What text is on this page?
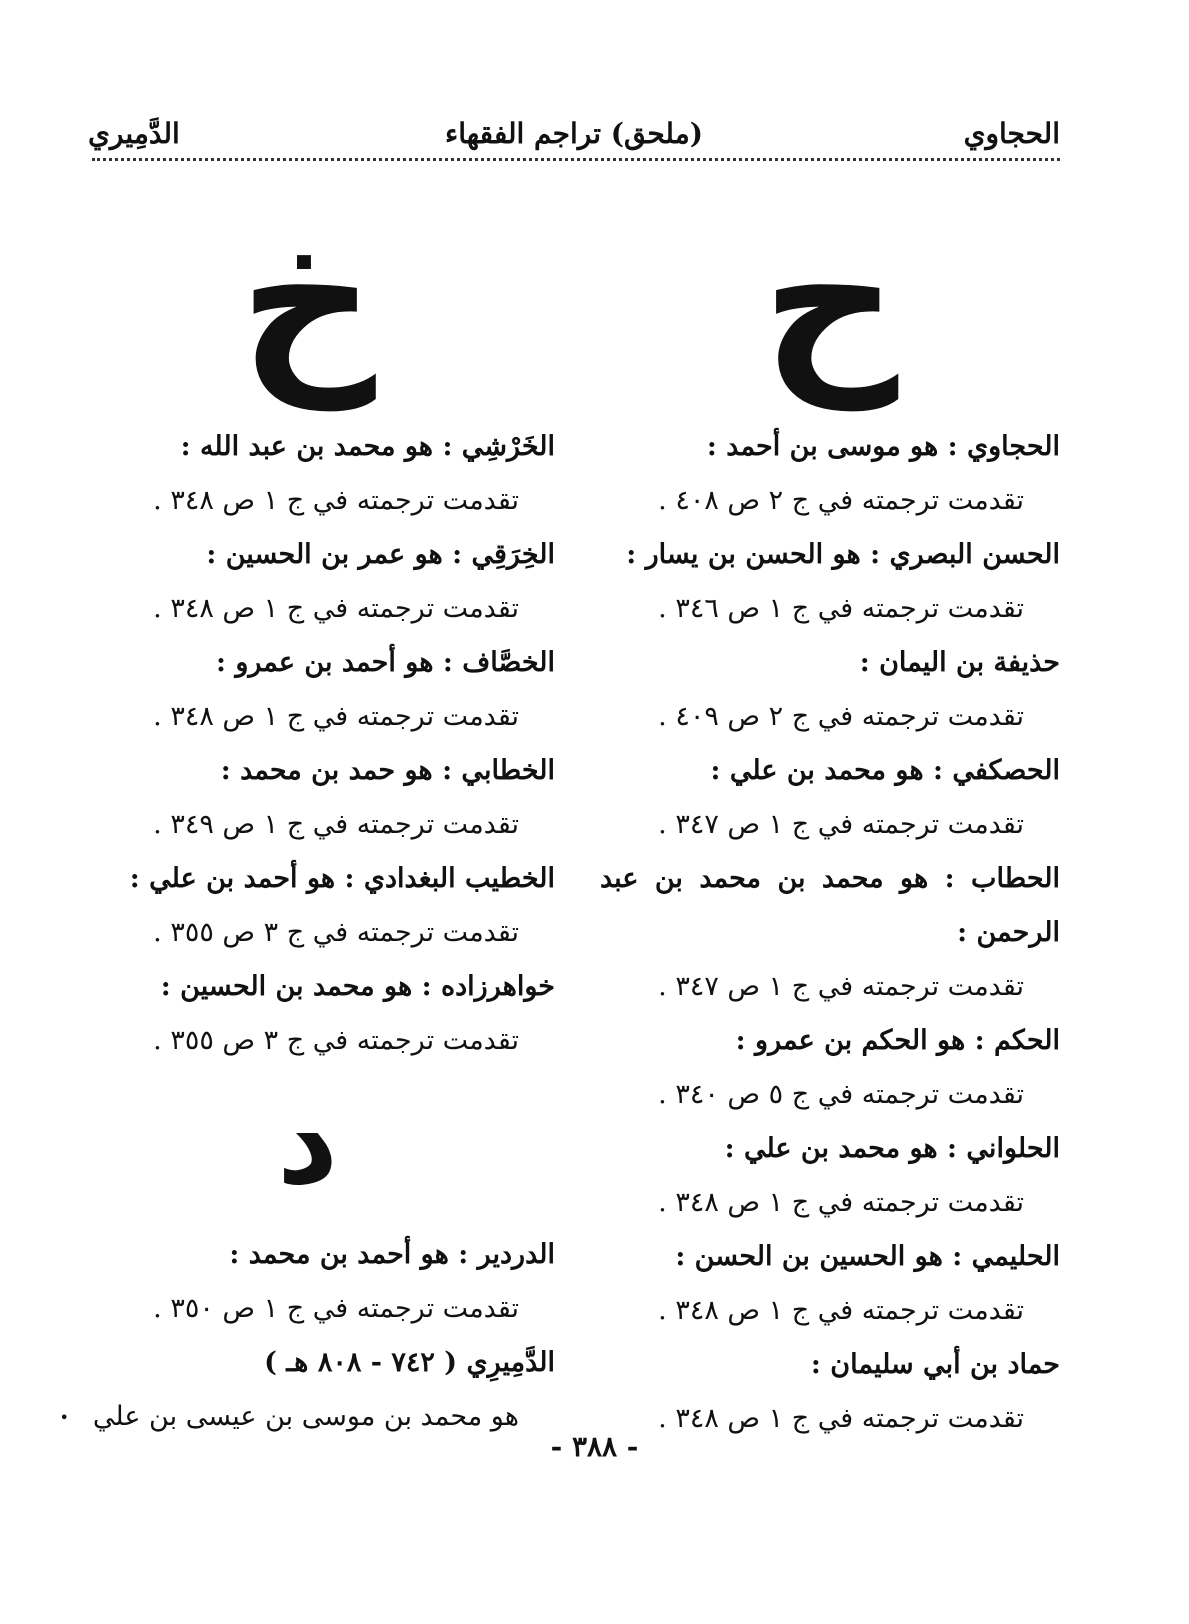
الحجاوي
(ملحق) تراجم الفقهاء
الدَّمِيري
ح
الحجاوي : هو موسى بن أحمد :
تقدمت ترجمته في ج ٢ ص ٤٠٨ .
الحسن البصري : هو الحسن بن يسار :
تقدمت ترجمته في ج ١ ص ٣٤٦ .
حذيفة بن اليمان :
تقدمت ترجمته في ج ٢ ص ٤٠٩ .
الحصكفي : هو محمد بن علي :
تقدمت ترجمته في ج ١ ص ٣٤٧ .
الحطاب : هو محمد بن محمد بن عبد الرحمن :
تقدمت ترجمته في ج ١ ص ٣٤٧ .
الحكم : هو الحكم بن عمرو :
تقدمت ترجمته في ج ٥ ص ٣٤٠ .
الحلواني : هو محمد بن علي :
تقدمت ترجمته في ج ١ ص ٣٤٨ .
الحليمي : هو الحسين بن الحسن :
تقدمت ترجمته في ج ١ ص ٣٤٨ .
حماد بن أبي سليمان :
تقدمت ترجمته في ج ١ ص ٣٤٨ .
خ
الخَرْشِي : هو محمد بن عبد الله :
تقدمت ترجمته في ج ١ ص ٣٤٨ .
الخِرَقِي : هو عمر بن الحسين :
تقدمت ترجمته في ج ١ ص ٣٤٨ .
الخصَّاف : هو أحمد بن عمرو :
تقدمت ترجمته في ج ١ ص ٣٤٨ .
الخطابي : هو حمد بن محمد :
تقدمت ترجمته في ج ١ ص ٣٤٩ .
الخطيب البغدادي : هو أحمد بن علي :
تقدمت ترجمته في ج ٣ ص ٣٥٥ .
خواهرزاده : هو محمد بن الحسين :
تقدمت ترجمته في ج ٣ ص ٣٥٥ .
د
الدردير : هو أحمد بن محمد :
تقدمت ترجمته في ج ١ ص ٣٥٠ .
الدَّمِيرِي ( ٧٤٢ - ٨٠٨ هـ )
هو محمد بن موسى بن عيسى بن علي•
- ٣٨٨ -
